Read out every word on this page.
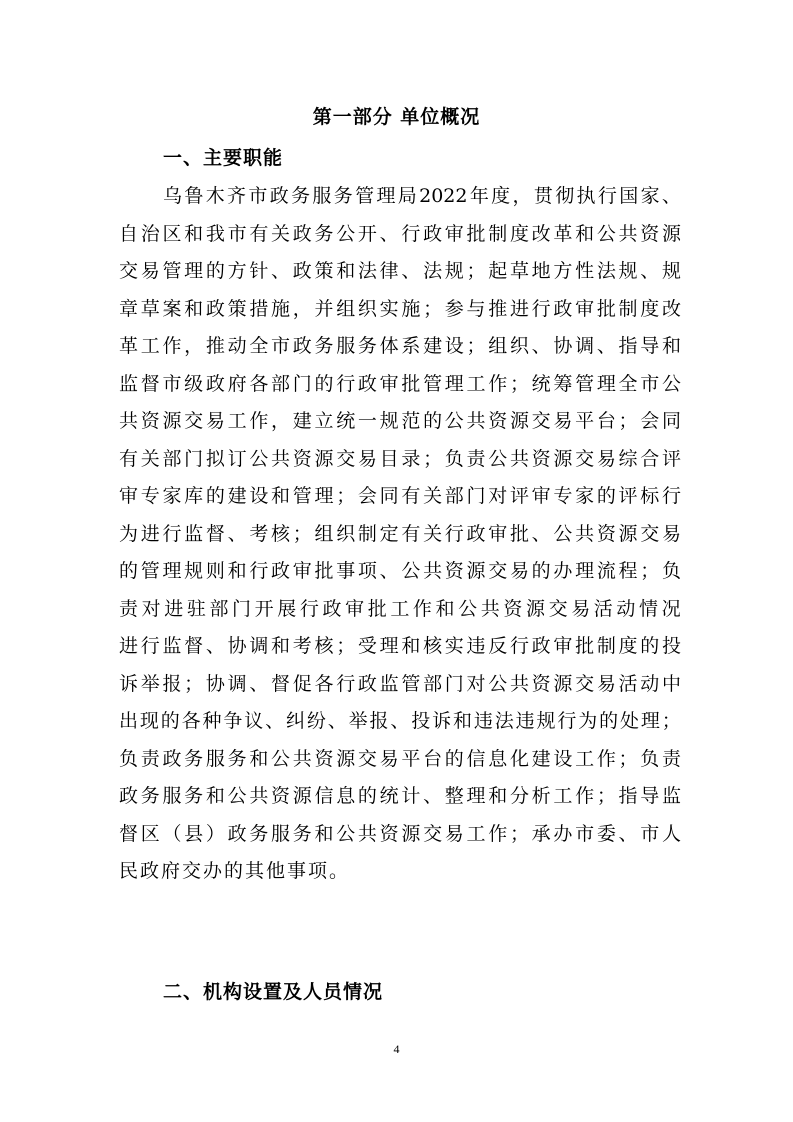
第一部分 单位概况
一、主要职能
乌 鲁 木 齐 市 政 务 服 务 管 理 局 2022 年 度 ， 贯 彻 执 行 国 家 、
自 治 区 和 我 市 有 关 政 务 公 开 、 行 政 审 批 制 度 改 革 和 公 共 资 源
交 易 管 理 的 方 针 、 政 策 和 法 律 、 法 规 ； 起 草 地 方 性 法 规 、 规
章 草 案 和 政 策 措 施 ， 并 组 织 实 施 ； 参 与 推 进 行 政 审 批 制 度 改
革 工 作 ， 推 动 全 市 政 务 服 务 体 系 建 设 ； 组 织 、 协 调 、 指 导 和
监 督 市 级 政 府 各 部 门 的 行 政 审 批 管 理 工 作 ； 统 筹 管 理 全 市 公
共 资 源 交 易 工 作 ， 建 立 统 一 规 范 的 公 共 资 源 交 易 平 台 ； 会 同
有 关 部 门 拟 订 公 共 资 源 交 易 目 录 ； 负 责 公 共 资 源 交 易 综 合 评
审 专 家 库 的 建 设 和 管 理 ； 会 同 有 关 部 门 对 评 审 专 家 的 评 标 行
为 进 行 监 督 、 考 核 ； 组 织 制 定 有 关 行 政 审 批 、 公 共 资 源 交 易
的 管 理 规 则 和 行 政 审 批 事 项 、 公 共 资 源 交 易 的 办 理 流 程 ； 负
责 对 进 驻 部 门 开 展 行 政 审 批 工 作 和 公 共 资 源 交 易 活 动 情 况
进 行 监 督 、 协 调 和 考 核 ； 受 理 和 核 实 违 反 行 政 审 批 制 度 的 投
诉 举 报 ； 协 调 、 督 促 各 行 政 监 管 部 门 对 公 共 资 源 交 易 活 动 中
出 现 的 各 种 争 议 、 纠 纷 、 举 报 、 投 诉 和 违 法 违 规 行 为 的 处 理 ；
负 责 政 务 服 务 和 公 共 资 源 交 易 平 台 的 信 息 化 建 设 工 作 ； 负 责
政 务 服 务 和 公 共 资 源 信 息 的 统 计 、 整 理 和 分 析 工 作 ； 指 导 监
督 区 （ 县 ） 政 务 服 务 和 公 共 资 源 交 易 工 作 ； 承 办 市 委 、 市 人
民政府交办的其他事项。
二、机构设置及人员情况
4
